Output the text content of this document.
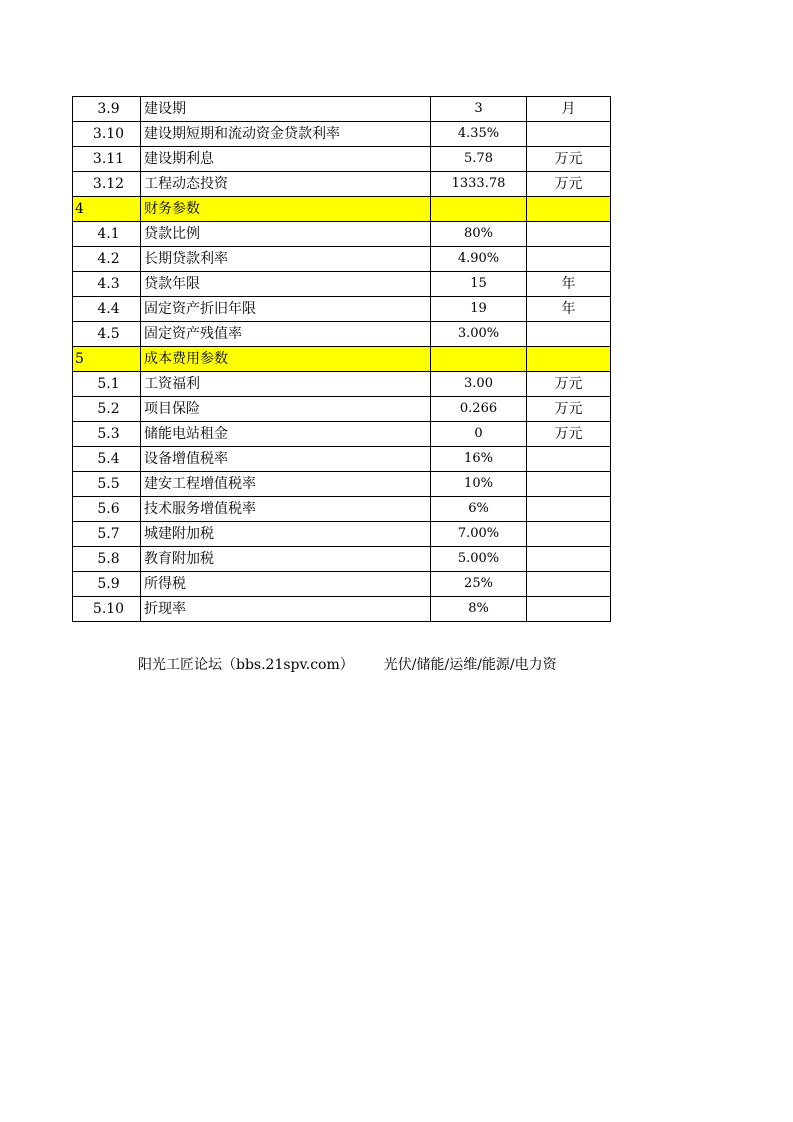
3.9	建设期	3	月
3.10	建设期短期和流动资金贷款利率	4.35%	
3.11	建设期利息	5.78	万元
3.12	工程动态投资	1333.78	万元
4	财务参数		
4.1	贷款比例	80%	
4.2	长期贷款利率	4.90%	
4.3	贷款年限	15	年
4.4	固定资产折旧年限	19	年
4.5	固定资产残值率	3.00%	
5	成本费用参数		
5.1	工资福利	3.00	万元
5.2	项目保险	0.266	万元
5.3	储能电站租金	0	万元
5.4	设备增值税率	16%	
5.5	建安工程增值税率	10%	
5.6	技术服务增值税率	6%	
5.7	城建附加税	7.00%	
5.8	教育附加税	5.00%	
5.9	所得税	25%	
5.10	折现率	8%	
阳光工匠论坛（bbs.21spv.com） 光伏/储能/运维/能源/电力资
